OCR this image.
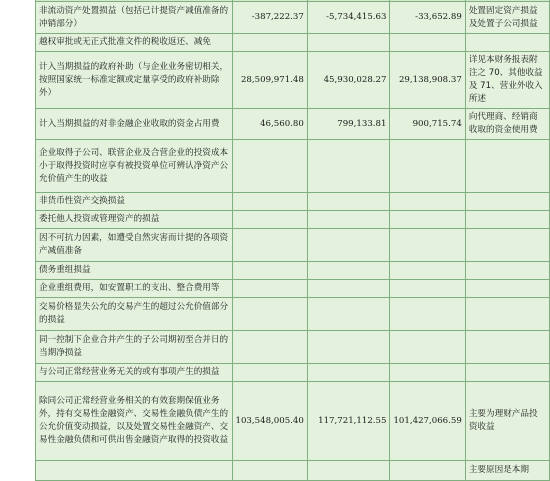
非流动资产处置损益（包括已计提资产减值准备的冲销部分）	-387,222.37	-5,734,415.63	-33,652.89	处置固定资产损益及处置子公司损益
越权审批或无正式批准文件的税收返还、减免				
计入当期损益的政府补助（与企业业务密切相关，按照国家统一标准定额或定量享受的政府补助除外）	28,509,971.48	45,930,028.27	29,138,908.37	详见本财务报表附注之 70、其他收益及 71、营业外收入所述
计入当期损益的对非金融企业收取的资金占用费	46,560.80	799,133.81	900,715.74	向代理商、经销商收取的资金使用费
企业取得子公司、联营企业及合营企业的投资成本小于取得投资时应享有被投资单位可辨认净资产公允价值产生的收益				
非货币性资产交换损益				
委托他人投资或管理资产的损益				
因不可抗力因素，如遭受自然灾害而计提的各项资产减值准备				
债务重组损益				
企业重组费用，如安置职工的支出、整合费用等				
交易价格显失公允的交易产生的超过公允价值部分的损益				
同一控制下企业合并产生的子公司期初至合并日的当期净损益				
与公司正常经营业务无关的或有事项产生的损益				
除同公司正常经营业务相关的有效套期保值业务外，持有交易性金融资产、交易性金融负债产生的公允价值变动损益，以及处置交易性金融资产、交易性金融负债和可供出售金融资产取得的投资收益	103,548,005.40	117,721,112.55	101,427,066.59	主要为理财产品投资收益
				主要原因是本期
